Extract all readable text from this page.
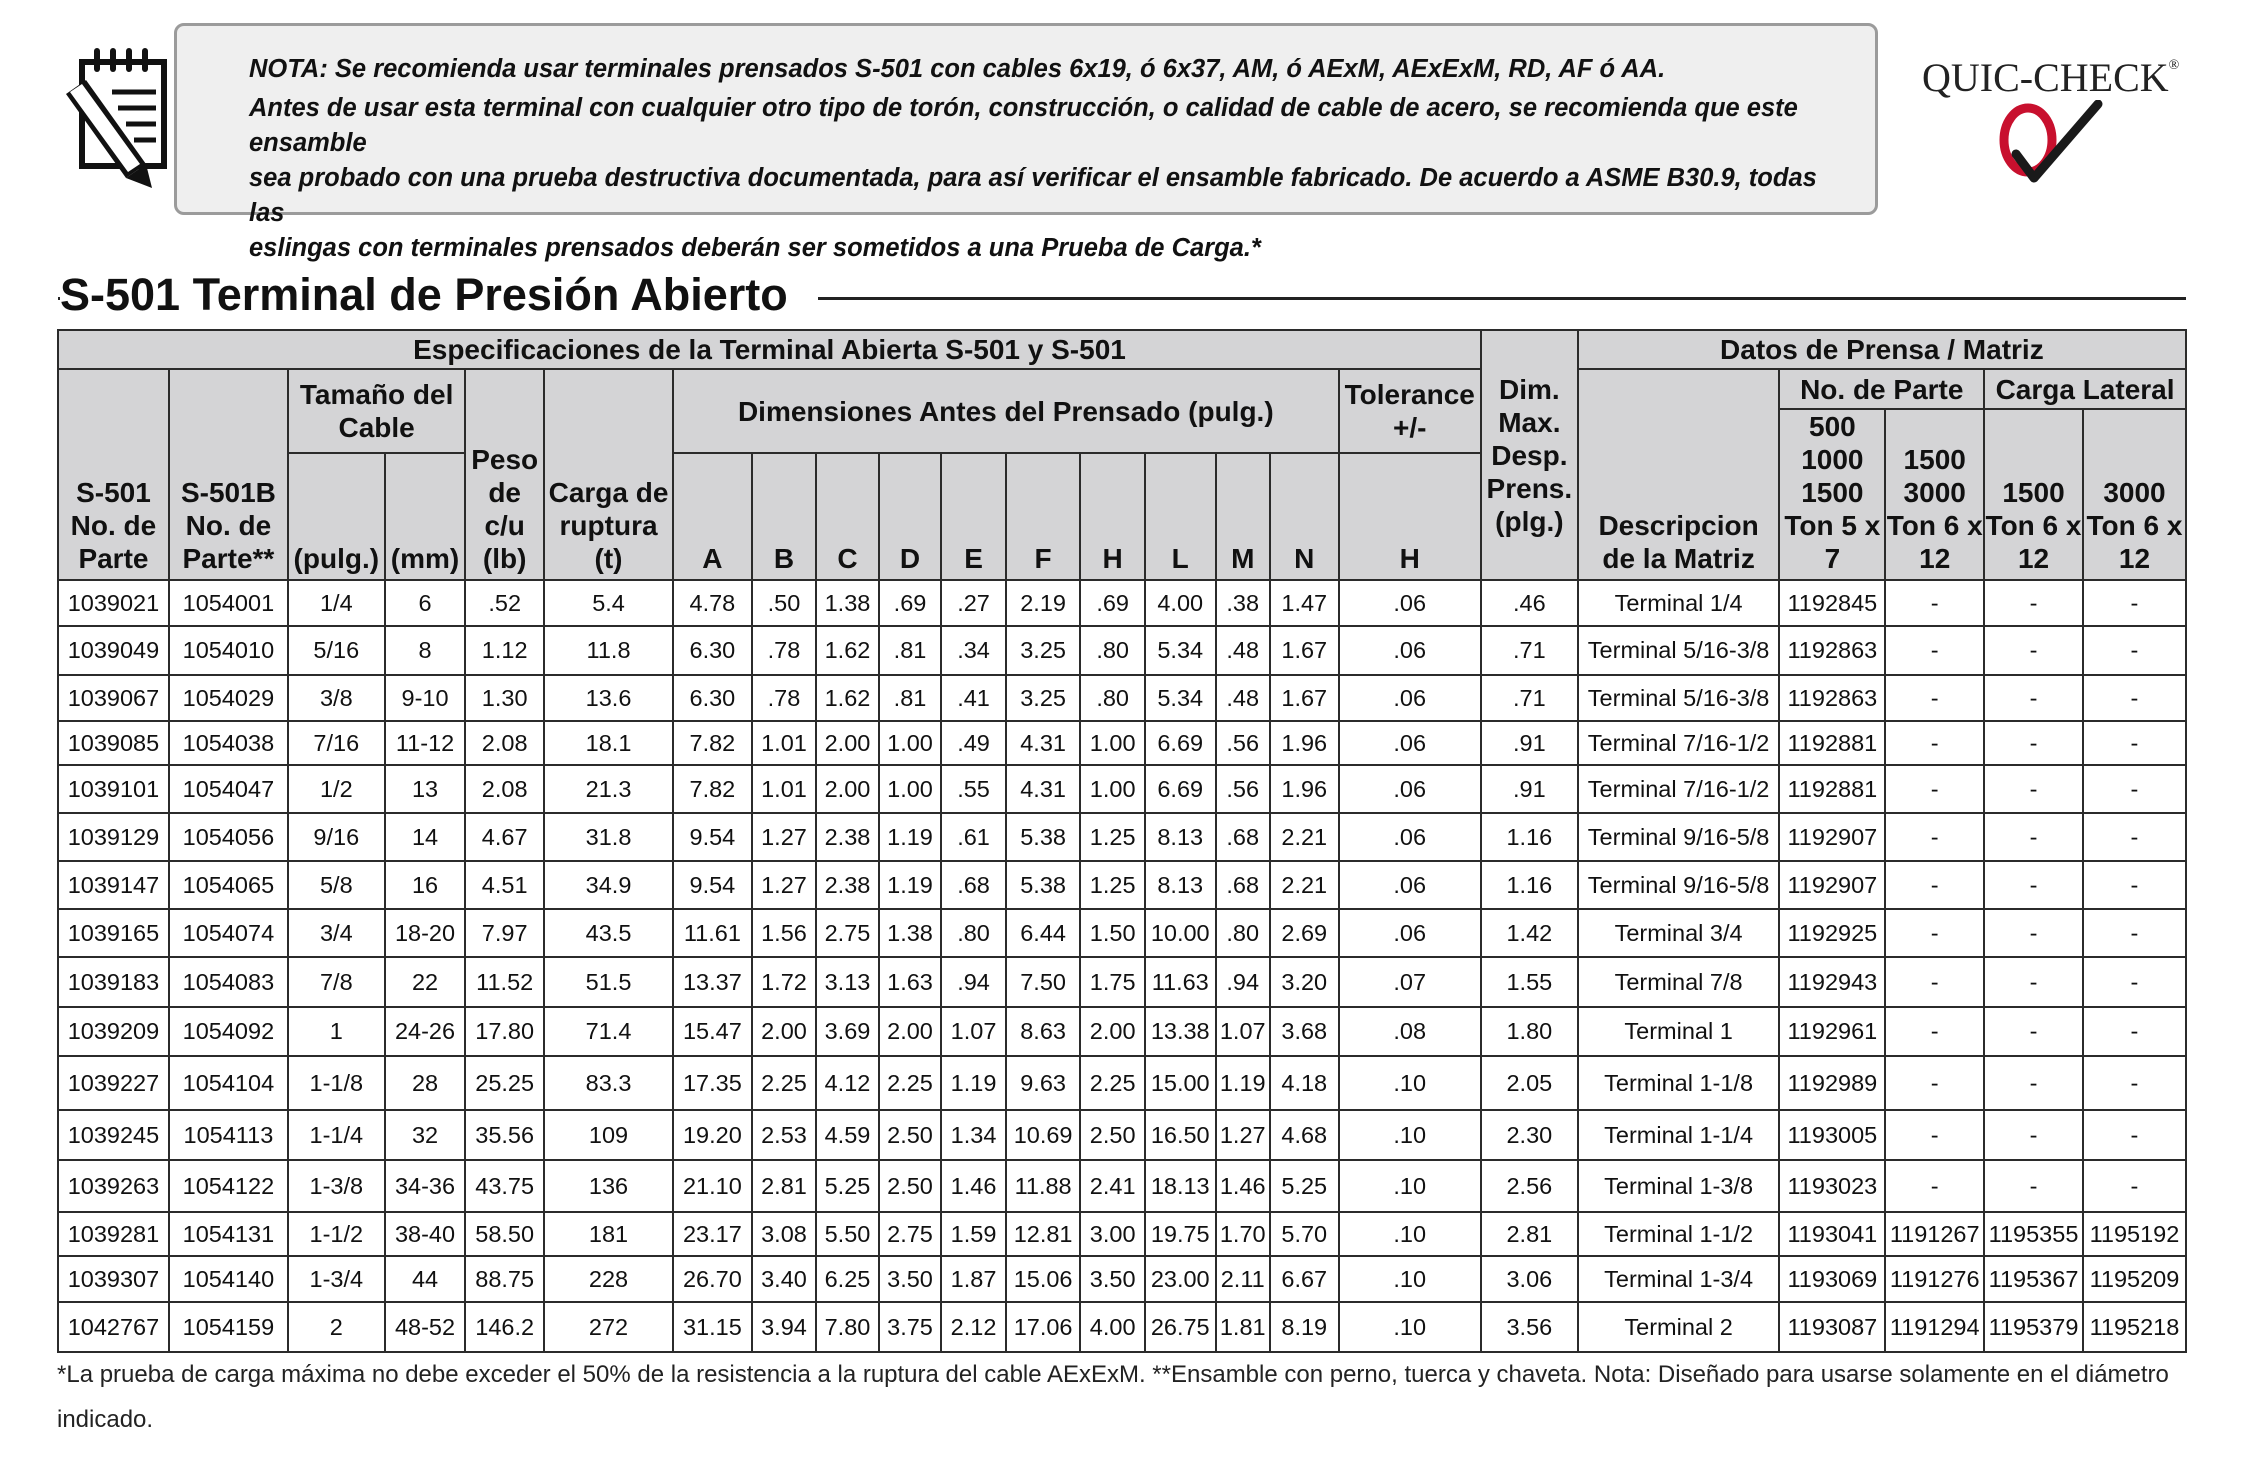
NOTA: Se recomienda usar terminales prensados S-501 con cables 6x19, ó 6x37, AM, ó AExM, AExExM, RD, AF ó AA.

Antes de usar esta terminal con cualquier otro tipo de torón, construcción, o calidad de cable de acero, se recomienda que este ensamble

sea probado con una prueba destructiva documentada, para así verificar el ensamble fabricado. De acuerdo a ASME B30.9, todas las

eslingas con terminales prensados deberán ser sometidos a una Prueba de Carga.*

QUIC-CHECK®
S-501 Terminal de Presión Abierto
Especificaciones de la Terminal Abierta S-501 y S-501																	Dim. Max. Desp. Prens. (plg.)	Datos de Prensa / Matriz				
S-501 No. de Parte	S-501B No. de Parte**	Tamaño del Cable		Peso de c/u (lb)	Carga de ruptura (t)	Dimensiones Antes del Prensado (pulg.)										Tolerance +/-		Descripcion de la Matriz	No. de Parte		Carga Lateral	
																			500 1000 1500 Ton 5 x 7	1500 3000 Ton 6 x 12	1500 Ton 6 x 12	3000 Ton 6 x 12
		(pulg.)	(mm)			A	B	C	D	E	F	H	L	M	N	H						
1039021	1054001	1/4	6	.52	5.4	4.78	.50	1.38	.69	.27	2.19	.69	4.00	.38	1.47	.06	.46	Terminal 1/4	1192845	-	-	-
1039049	1054010	5/16	8	1.12	11.8	6.30	.78	1.62	.81	.34	3.25	.80	5.34	.48	1.67	.06	.71	Terminal 5/16-3/8	1192863	-	-	-
1039067	1054029	3/8	9-10	1.30	13.6	6.30	.78	1.62	.81	.41	3.25	.80	5.34	.48	1.67	.06	.71	Terminal 5/16-3/8	1192863	-	-	-
1039085	1054038	7/16	11-12	2.08	18.1	7.82	1.01	2.00	1.00	.49	4.31	1.00	6.69	.56	1.96	.06	.91	Terminal 7/16-1/2	1192881	-	-	-
1039101	1054047	1/2	13	2.08	21.3	7.82	1.01	2.00	1.00	.55	4.31	1.00	6.69	.56	1.96	.06	.91	Terminal 7/16-1/2	1192881	-	-	-
1039129	1054056	9/16	14	4.67	31.8	9.54	1.27	2.38	1.19	.61	5.38	1.25	8.13	.68	2.21	.06	1.16	Terminal 9/16-5/8	1192907	-	-	-
1039147	1054065	5/8	16	4.51	34.9	9.54	1.27	2.38	1.19	.68	5.38	1.25	8.13	.68	2.21	.06	1.16	Terminal 9/16-5/8	1192907	-	-	-
1039165	1054074	3/4	18-20	7.97	43.5	11.61	1.56	2.75	1.38	.80	6.44	1.50	10.00	.80	2.69	.06	1.42	Terminal 3/4	1192925	-	-	-
1039183	1054083	7/8	22	11.52	51.5	13.37	1.72	3.13	1.63	.94	7.50	1.75	11.63	.94	3.20	.07	1.55	Terminal 7/8	1192943	-	-	-
1039209	1054092	1	24-26	17.80	71.4	15.47	2.00	3.69	2.00	1.07	8.63	2.00	13.38	1.07	3.68	.08	1.80	Terminal 1	1192961	-	-	-
1039227	1054104	1-1/8	28	25.25	83.3	17.35	2.25	4.12	2.25	1.19	9.63	2.25	15.00	1.19	4.18	.10	2.05	Terminal 1-1/8	1192989	-	-	-
1039245	1054113	1-1/4	32	35.56	109	19.20	2.53	4.59	2.50	1.34	10.69	2.50	16.50	1.27	4.68	.10	2.30	Terminal 1-1/4	1193005	-	-	-
1039263	1054122	1-3/8	34-36	43.75	136	21.10	2.81	5.25	2.50	1.46	11.88	2.41	18.13	1.46	5.25	.10	2.56	Terminal 1-3/8	1193023	-	-	-
1039281	1054131	1-1/2	38-40	58.50	181	23.17	3.08	5.50	2.75	1.59	12.81	3.00	19.75	1.70	5.70	.10	2.81	Terminal 1-1/2	1193041	1191267	1195355	1195192
1039307	1054140	1-3/4	44	88.75	228	26.70	3.40	6.25	3.50	1.87	15.06	3.50	23.00	2.11	6.67	.10	3.06	Terminal 1-3/4	1193069	1191276	1195367	1195209
1042767	1054159	2	48-52	146.2	272	31.15	3.94	7.80	3.75	2.12	17.06	4.00	26.75	1.81	8.19	.10	3.56	Terminal 2	1193087	1191294	1195379	1195218

*La prueba de carga máxima no debe exceder el 50% de la resistencia a la ruptura del cable AExExM. **Ensamble con perno, tuerca y chaveta. Nota: Diseñado para usarse solamente en el diámetro indicado.
